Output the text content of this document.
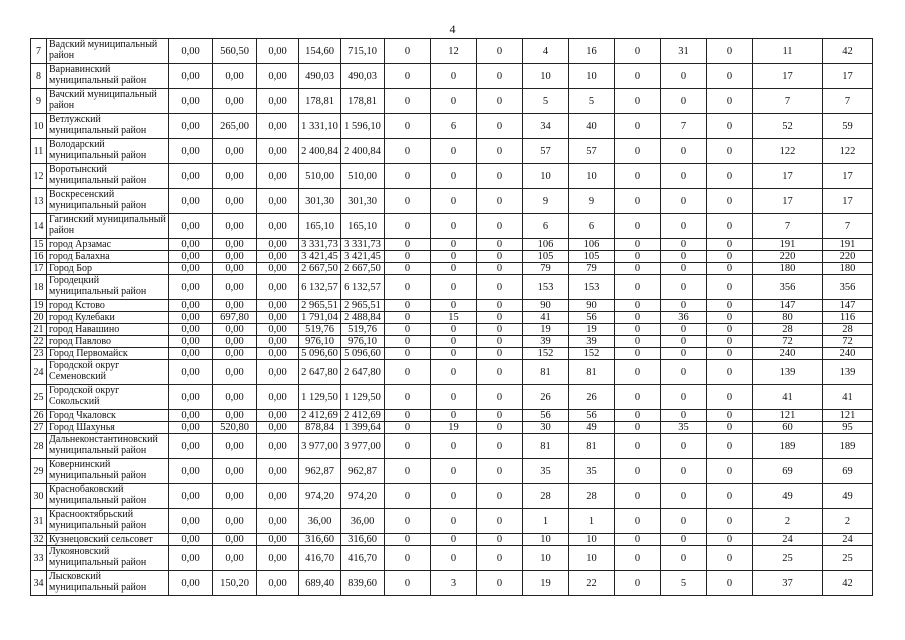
4
7	Вадский муниципальный район	0,00	560,50	0,00	154,60	715,10	0	12	0	4	16	0	31	0	11	42
8	Варнавинский муниципальный район	0,00	0,00	0,00	490,03	490,03	0	0	0	10	10	0	0	0	17	17
9	Вачский муниципальный район	0,00	0,00	0,00	178,81	178,81	0	0	0	5	5	0	0	0	7	7
10	Ветлужский муниципальный район	0,00	265,00	0,00	1 331,10	1 596,10	0	6	0	34	40	0	7	0	52	59
11	Володарский муниципальный район	0,00	0,00	0,00	2 400,84	2 400,84	0	0	0	57	57	0	0	0	122	122
12	Воротынский муниципальный район	0,00	0,00	0,00	510,00	510,00	0	0	0	10	10	0	0	0	17	17
13	Воскресенский муниципальный район	0,00	0,00	0,00	301,30	301,30	0	0	0	9	9	0	0	0	17	17
14	Гагинский муниципальный район	0,00	0,00	0,00	165,10	165,10	0	0	0	6	6	0	0	0	7	7
15	город Арзамас	0,00	0,00	0,00	3 331,73	3 331,73	0	0	0	106	106	0	0	0	191	191
16	город Балахна	0,00	0,00	0,00	3 421,45	3 421,45	0	0	0	105	105	0	0	0	220	220
17	Город Бор	0,00	0,00	0,00	2 667,50	2 667,50	0	0	0	79	79	0	0	0	180	180
18	Городецкий муниципальный район	0,00	0,00	0,00	6 132,57	6 132,57	0	0	0	153	153	0	0	0	356	356
19	город Кстово	0,00	0,00	0,00	2 965,51	2 965,51	0	0	0	90	90	0	0	0	147	147
20	город Кулебаки	0,00	697,80	0,00	1 791,04	2 488,84	0	15	0	41	56	0	36	0	80	116
21	город Навашино	0,00	0,00	0,00	519,76	519,76	0	0	0	19	19	0	0	0	28	28
22	город Павлово	0,00	0,00	0,00	976,10	976,10	0	0	0	39	39	0	0	0	72	72
23	Город Первомайск	0,00	0,00	0,00	5 096,60	5 096,60	0	0	0	152	152	0	0	0	240	240
24	Городской округ Семеновский	0,00	0,00	0,00	2 647,80	2 647,80	0	0	0	81	81	0	0	0	139	139
25	Городской округ Сокольский	0,00	0,00	0,00	1 129,50	1 129,50	0	0	0	26	26	0	0	0	41	41
26	Город Чкаловск	0,00	0,00	0,00	2 412,69	2 412,69	0	0	0	56	56	0	0	0	121	121
27	Город Шахунья	0,00	520,80	0,00	878,84	1 399,64	0	19	0	30	49	0	35	0	60	95
28	Дальнеконстантиновский муниципальный район	0,00	0,00	0,00	3 977,00	3 977,00	0	0	0	81	81	0	0	0	189	189
29	Ковернинский муниципальный район	0,00	0,00	0,00	962,87	962,87	0	0	0	35	35	0	0	0	69	69
30	Краснобаковский муниципальный район	0,00	0,00	0,00	974,20	974,20	0	0	0	28	28	0	0	0	49	49
31	Краснооктябрьский муниципальный район	0,00	0,00	0,00	36,00	36,00	0	0	0	1	1	0	0	0	2	2
32	Кузнецовский сельсовет	0,00	0,00	0,00	316,60	316,60	0	0	0	10	10	0	0	0	24	24
33	Лукояновский муниципальный район	0,00	0,00	0,00	416,70	416,70	0	0	0	10	10	0	0	0	25	25
34	Лысковский муниципальный район	0,00	150,20	0,00	689,40	839,60	0	3	0	19	22	0	5	0	37	42
